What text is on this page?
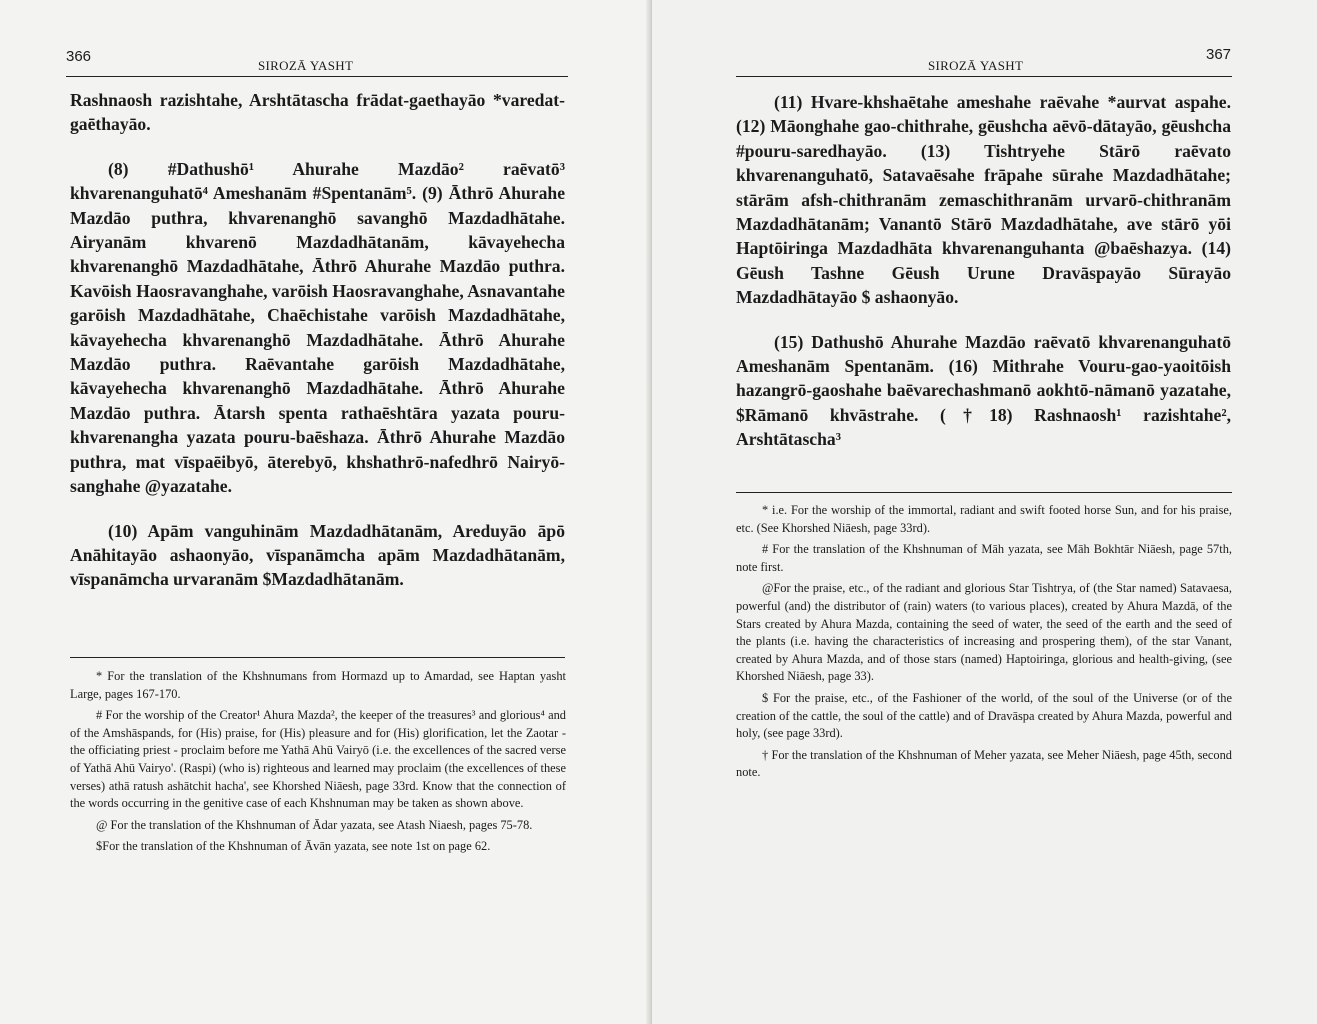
366
SIROZĀ YASHT

Rashnaosh razishtahe, Arshtātascha frādat-gaethayāo *varedat-gaēthayāo.

(8) #Dathushō¹ Ahurahe Mazdāo² raēvatō³ khvarenanguhatō⁴ Ameshanām #Spentanām⁵. (9) Āthrō Ahurahe Mazdāo puthra, khvarenanghō savanghō Mazdadhātahe. Airyanām khvarenō Mazdadhātanām, kāvayehecha khvarenanghō Mazdadhātahe, Āthrō Ahurahe Mazdāo puthra. Kavōish Haosravanghahe, varōish Haosravanghahe, Asnavantahe garōish Mazdadhātahe, Chaēchistahe varōish Mazdadhātahe, kāvayehecha khvarenanghō Mazdadhātahe. Āthrō Ahurahe Mazdāo puthra. Raēvantahe garōish Mazdadhātahe, kāvayehecha khvarenanghō Mazdadhātahe. Āthrō Ahurahe Mazdāo puthra. Ātarsh spenta rathaēshtāra yazata pouru-khvarenangha yazata pouru-baēshaza. Āthrō Ahurahe Mazdāo puthra, mat vīspaēibyō, āterebyō, khshathrō-nafedhrō Nairyō-sanghahe @yazatahe.

(10) Apām vanguhinām Mazdadhātanām, Areduyāo āpō Anāhitayāo ashaonyāo, vīspanāmcha apām Mazdadhātanām, vīspanāmcha urvaranām $Mazdadhātanām.

* For the translation of the Khshnumans from Hormazd up to Amardad, see Haptan yasht Large, pages 167-170.

# For the worship of the Creator¹ Ahura Mazda², the keeper of the treasures³ and glorious⁴ and of the Amshāspands, for (His) praise, for (His) pleasure and for (His) glorification, let the Zaotar - the officiating priest - proclaim before me Yathā Ahū Vairyō (i.e. the excellences of the sacred verse of Yathā Ahū Vairyo'. (Raspi) (who is) righteous and learned may proclaim (the excellences of these verses) athā ratush ashātchit hacha', see Khorshed Niāesh, page 33rd. Know that the connection of the words occurring in the genitive case of each Khshnuman may be taken as shown above.

@ For the translation of the Khshnuman of Ādar yazata, see Atash Niaesh, pages 75-78.

$For the translation of the Khshnuman of Āvān yazata, see note 1st on page 62.

SIROZĀ YASHT
367

(11) Hvare-khshaētahe ameshahe raēvahe *aurvat aspahe. (12) Māonghahe gao-chithrahe, gēushcha aēvō-dātayāo, gēushcha #pouru-saredhayāo. (13) Tishtryehe Stārō raēvato khvarenanguhatō, Satavaēsahe frāpahe sūrahe Mazdadhātahe; stārām afsh-chithranām zemaschithranām urvarō-chithranām Mazdadhātanām; Vanantō Stārō Mazdadhātahe, ave stārō yōi Haptōiringa Mazdadhāta khvarenanguhanta @baēshazya. (14) Gēush Tashne Gēush Urune Dravāspayāo Sūrayāo Mazdadhātayāo $ ashaonyāo.

(15) Dathushō Ahurahe Mazdāo raēvatō khvarenanguhatō Ameshanām Spentanām. (16) Mithrahe Vouru-gao-yaoitōish hazangrō-gaoshahe baēvarechashmanō aokhtō-nāmanō yazatahe, $Rāmanō khvāstrahe. (†18) Rashnaosh¹ razishtahe², Arshtātascha³

* i.e. For the worship of the immortal, radiant and swift footed horse Sun, and for his praise, etc. (See Khorshed Niāesh, page 33rd).

# For the translation of the Khshnuman of Māh yazata, see Māh Bokhtār Niāesh, page 57th, note first.

@For the praise, etc., of the radiant and glorious Star Tishtrya, of (the Star named) Satavaesa, powerful (and) the distributor of (rain) waters (to various places), created by Ahura Mazdā, of the Stars created by Ahura Mazda, containing the seed of water, the seed of the earth and the seed of the plants (i.e. having the characteristics of increasing and prospering them), of the star Vanant, created by Ahura Mazda, and of those stars (named) Haptoiringa, glorious and health-giving, (see Khorshed Niāesh, page 33).

$ For the praise, etc., of the Fashioner of the world, of the soul of the Universe (or of the creation of the cattle, the soul of the cattle) and of Dravāspa created by Ahura Mazda, powerful and holy, (see page 33rd).

† For the translation of the Khshnuman of Meher yazata, see Meher Niāesh, page 45th, second note.
